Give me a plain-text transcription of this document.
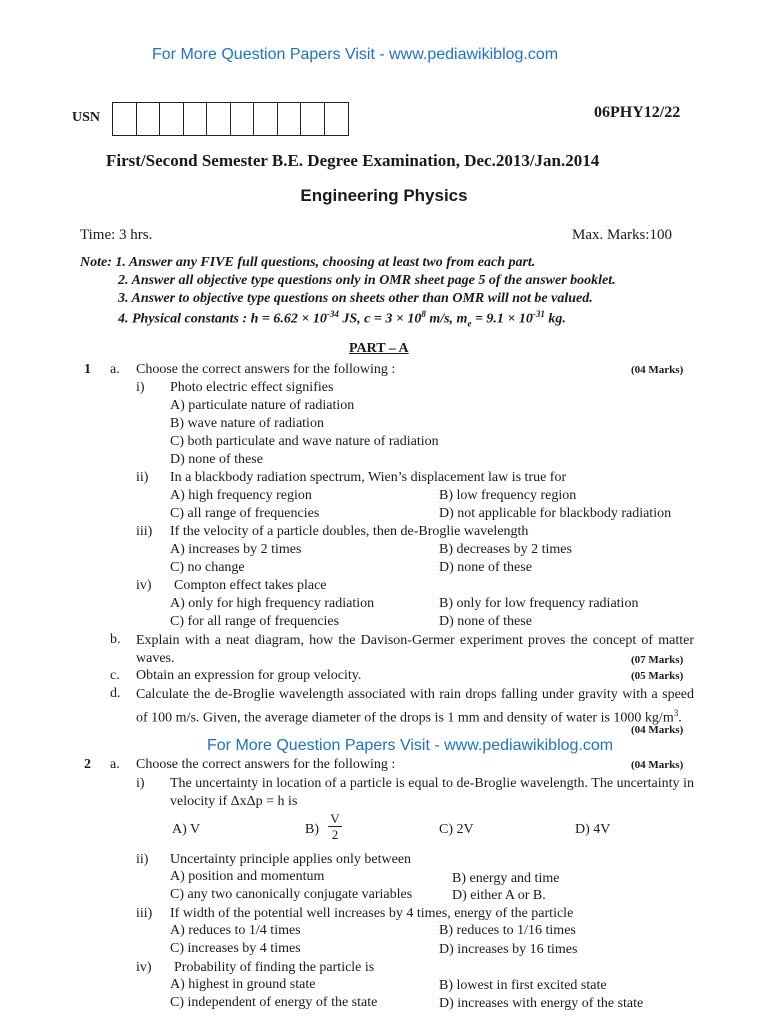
For More Question Papers Visit - www.pediawikiblog.com
USN	06PHY12/22
First/Second Semester B.E. Degree Examination, Dec.2013/Jan.2014
Engineering Physics
Time: 3 hrs.	Max. Marks:100
Note: 1. Answer any FIVE full questions, choosing at least two from each part.
2. Answer all objective type questions only in OMR sheet page 5 of the answer booklet.
3. Answer to objective type questions on sheets other than OMR will not be valued.
4. Physical constants : $h = 6.62 \times 10^{-34}$ JS, $c = 3 \times 10^8$ m/s, $m_e = 9.1 \times 10^{-31}$ kg.
PART – A
1 a. Choose the correct answers for the following :	(04 Marks)
i) Photo electric effect signifies
A) particulate nature of radiation
B) wave nature of radiation
C) both particulate and wave nature of radiation
D) none of these
ii) In a blackbody radiation spectrum, Wien’s displacement law is true for
A) high frequency region	B) low frequency region
C) all range of frequencies	D) not applicable for blackbody radiation
iii) If the velocity of a particle doubles, then de-Broglie wavelength
A) increases by 2 times	B) decreases by 2 times
C) no change	D) none of these
iv) Compton effect takes place
A) only for high frequency radiation	B) only for low frequency radiation
C) for all range of frequencies	D) none of these
b. Explain with a neat diagram, how the Davison-Germer experiment proves the concept of matter waves.	(07 Marks)
c. Obtain an expression for group velocity.	(05 Marks)
d. Calculate the de-Broglie wavelength associated with rain drops falling under gravity with a speed of 100 m/s. Given, the average diameter of the drops is 1 mm and density of water is 1000 $kg/m^3$.
(04 Marks)
For More Question Papers Visit - www.pediawikiblog.com
2 a. Choose the correct answers for the following :	(04 Marks)
i) The uncertainty in location of a particle is equal to de-Broglie wavelength. The uncertainty in velocity if ΔxΔp = h is
A) V	$B) \frac{V}{2}$	C) 2V	D) 4V
ii) Uncertainty principle applies only between
A) position and momentum	B) energy and time
C) any two canonically conjugate variables	D) either A or B.
iii) If width of the potential well increases by 4 times, energy of the particle
A) reduces to 1/4 times	B) reduces to 1/16 times
C) increases by 4 times	D) increases by 16 times
iv) Probability of finding the particle is
A) highest in ground state	B) lowest in first excited state
C) independent of energy of the state	D) increases with energy of the state
